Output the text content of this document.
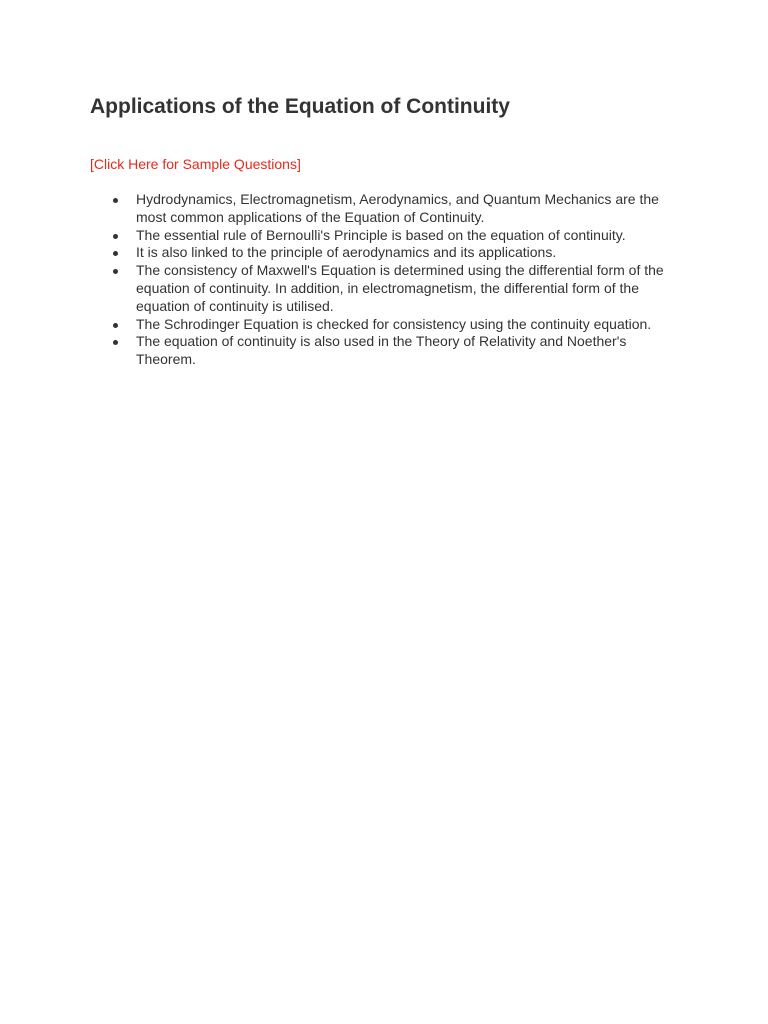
Applications of the Equation of Continuity
[Click Here for Sample Questions]
Hydrodynamics, Electromagnetism, Aerodynamics, and Quantum Mechanics are the most common applications of the Equation of Continuity.
The essential rule of Bernoulli's Principle is based on the equation of continuity.
It is also linked to the principle of aerodynamics and its applications.
The consistency of Maxwell's Equation is determined using the differential form of the equation of continuity. In addition, in electromagnetism, the differential form of the equation of continuity is utilised.
The Schrodinger Equation is checked for consistency using the continuity equation.
The equation of continuity is also used in the Theory of Relativity and Noether's Theorem.
